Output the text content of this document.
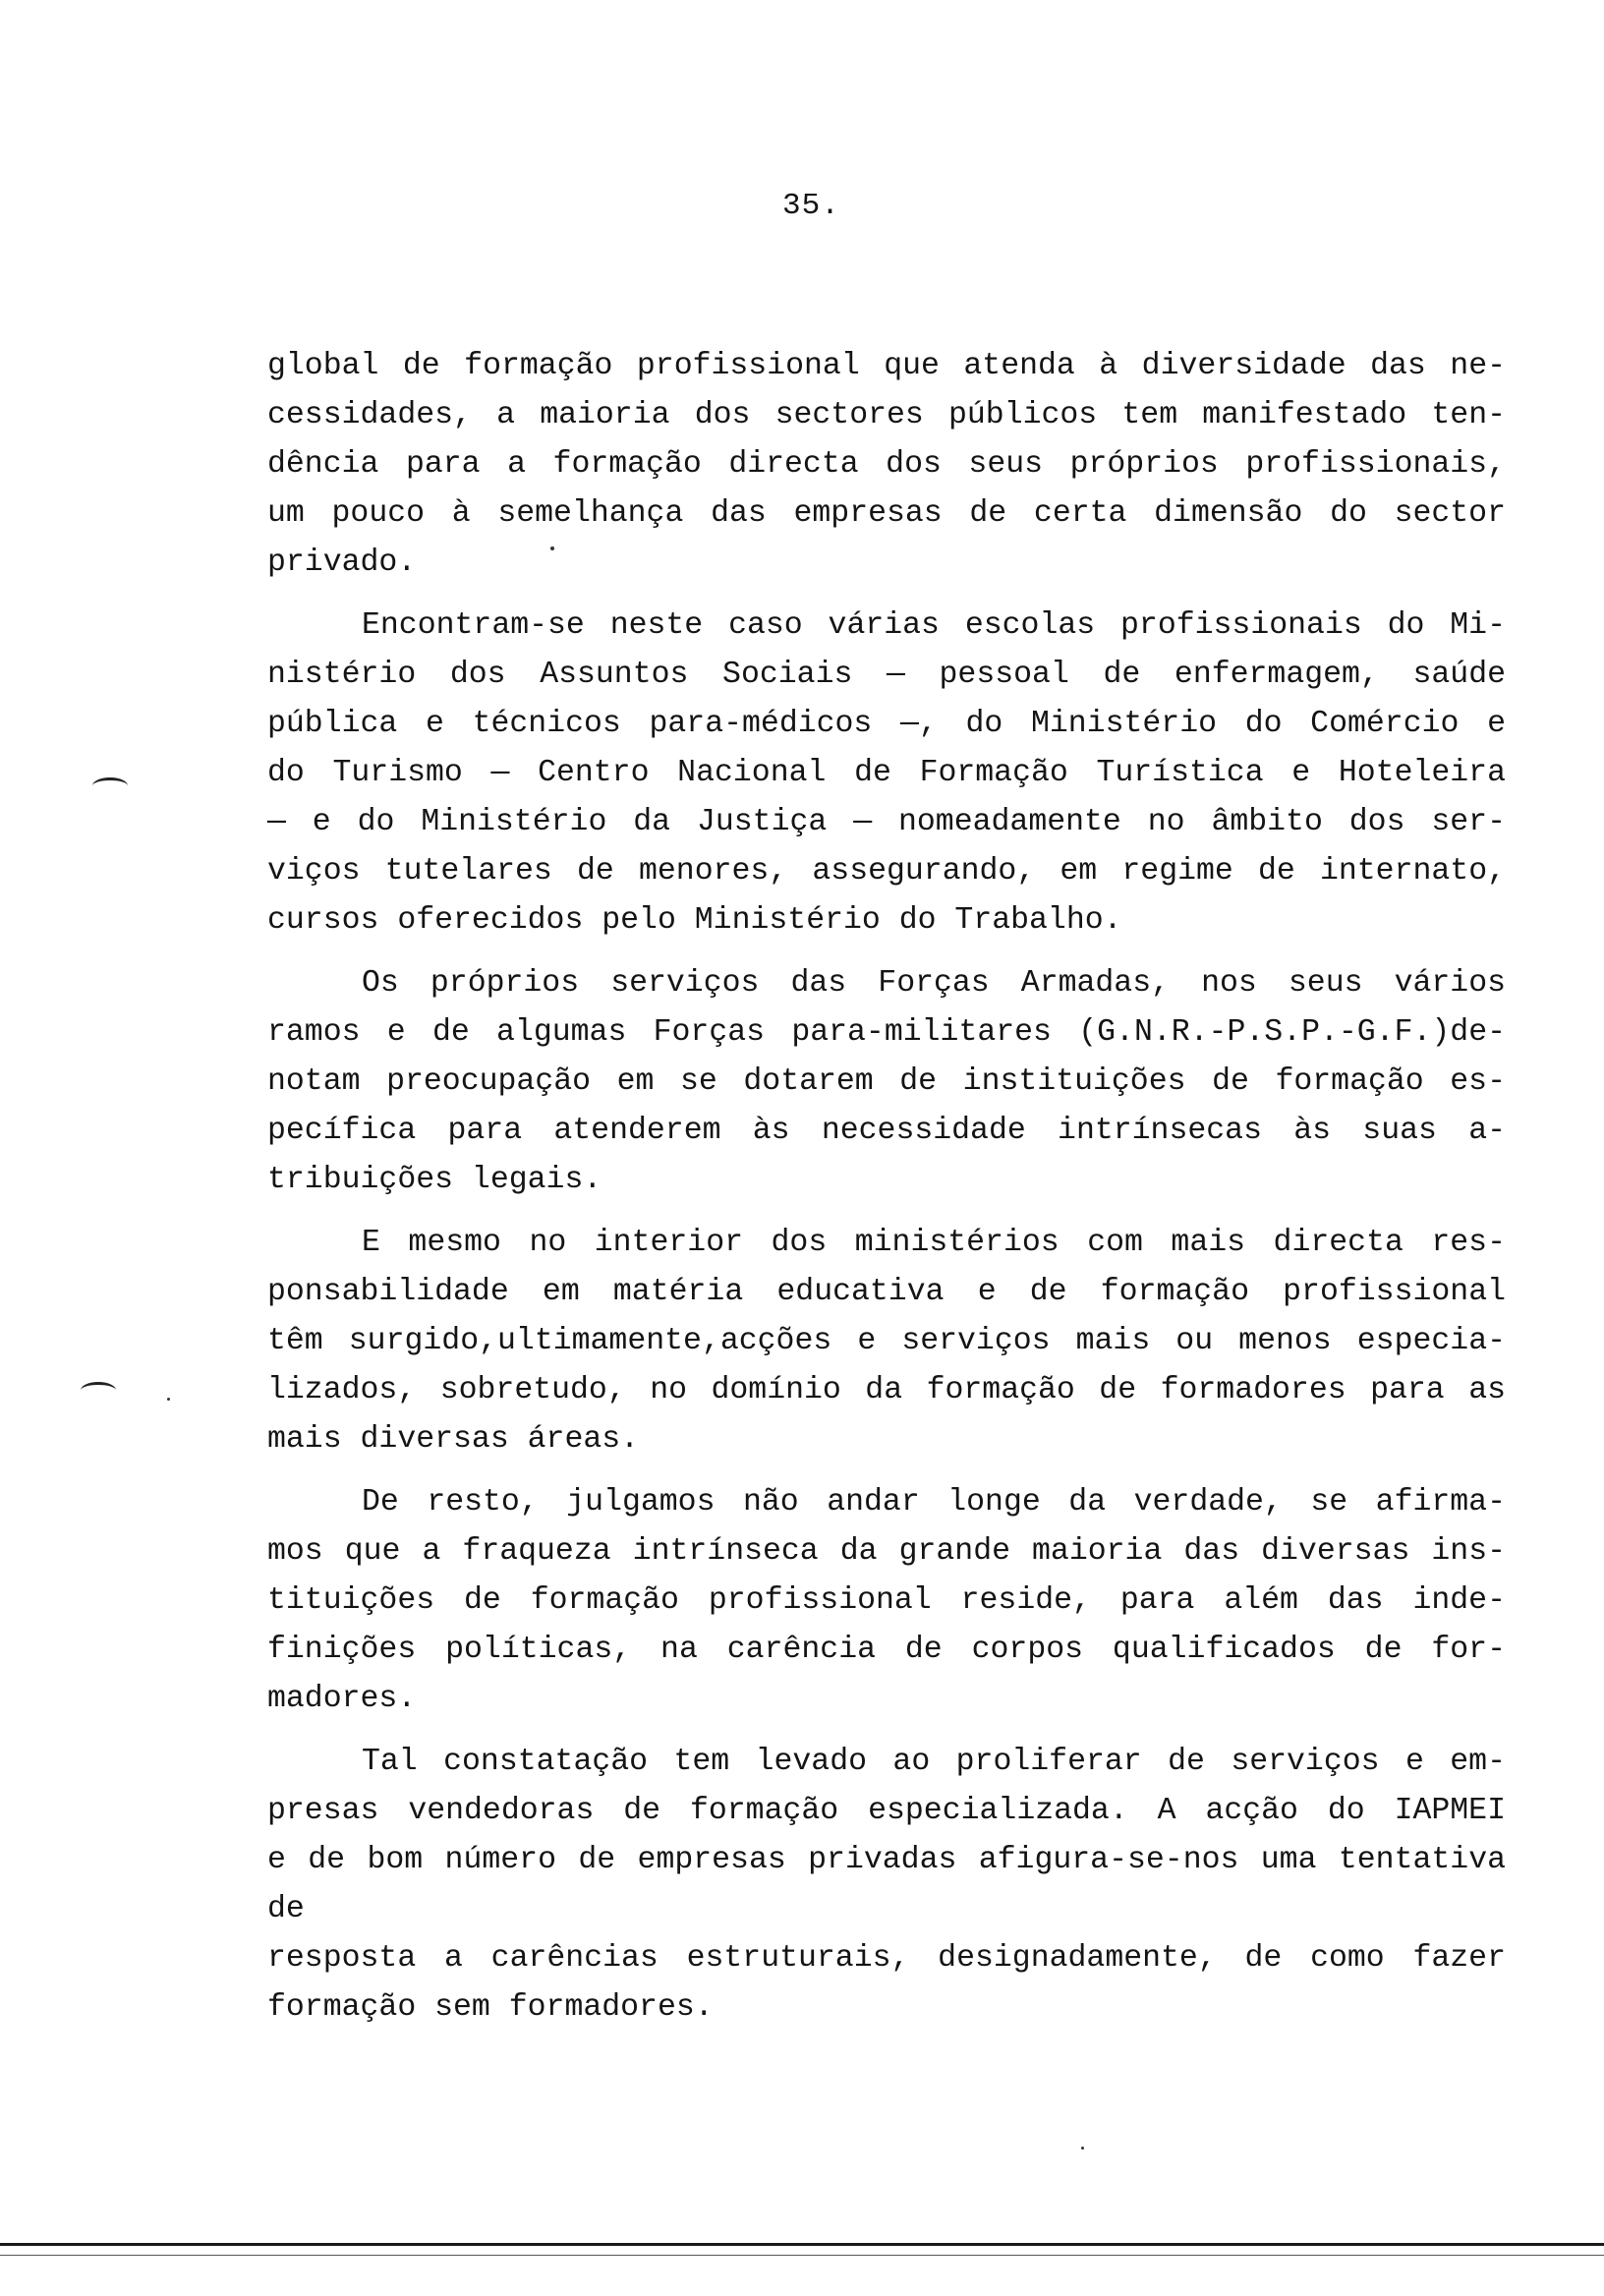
35.

global de formação profissional que atenda à diversidade das ne-
cessidades, a maioria dos sectores públicos tem manifestado ten-
dência para a formação directa dos seus próprios profissionais,
um pouco à semelhança das empresas de certa dimensão do sector
privado.

Encontram-se neste caso várias escolas profissionais do Mi-
nistério dos Assuntos Sociais — pessoal de enfermagem, saúde
pública e técnicos para-médicos —, do Ministério do Comércio e
do Turismo — Centro Nacional de Formação Turística e Hoteleira
— e do Ministério da Justiça — nomeadamente no âmbito dos ser-
viços tutelares de menores, assegurando, em regime de internato,
cursos oferecidos pelo Ministério do Trabalho.

Os próprios serviços das Forças Armadas, nos seus vários
ramos e de algumas Forças para-militares (G.N.R.-P.S.P.-G.F.)de-
notam preocupação em se dotarem de instituições de formação es-
pecífica para atenderem às necessidade intrínsecas às suas a-
tribuições legais.

E mesmo no interior dos ministérios com mais directa res-
ponsabilidade em matéria educativa e de formação profissional
têm surgido,ultimamente,acções e serviços mais ou menos especia-
lizados, sobretudo, no domínio da formação de formadores para as
mais diversas áreas.

De resto, julgamos não andar longe da verdade, se afirma-
mos que a fraqueza intrínseca da grande maioria das diversas ins-
tituições de formação profissional reside, para além das inde-
finições políticas, na carência de corpos qualificados de for-
madores.

Tal constatação tem levado ao proliferar de serviços e em-
presas vendedoras de formação especializada. A acção do IAPMEI
e de bom número de empresas privadas afigura-se-nos uma tentativa de
resposta a carências estruturais, designadamente, de como fazer
formação sem formadores.
